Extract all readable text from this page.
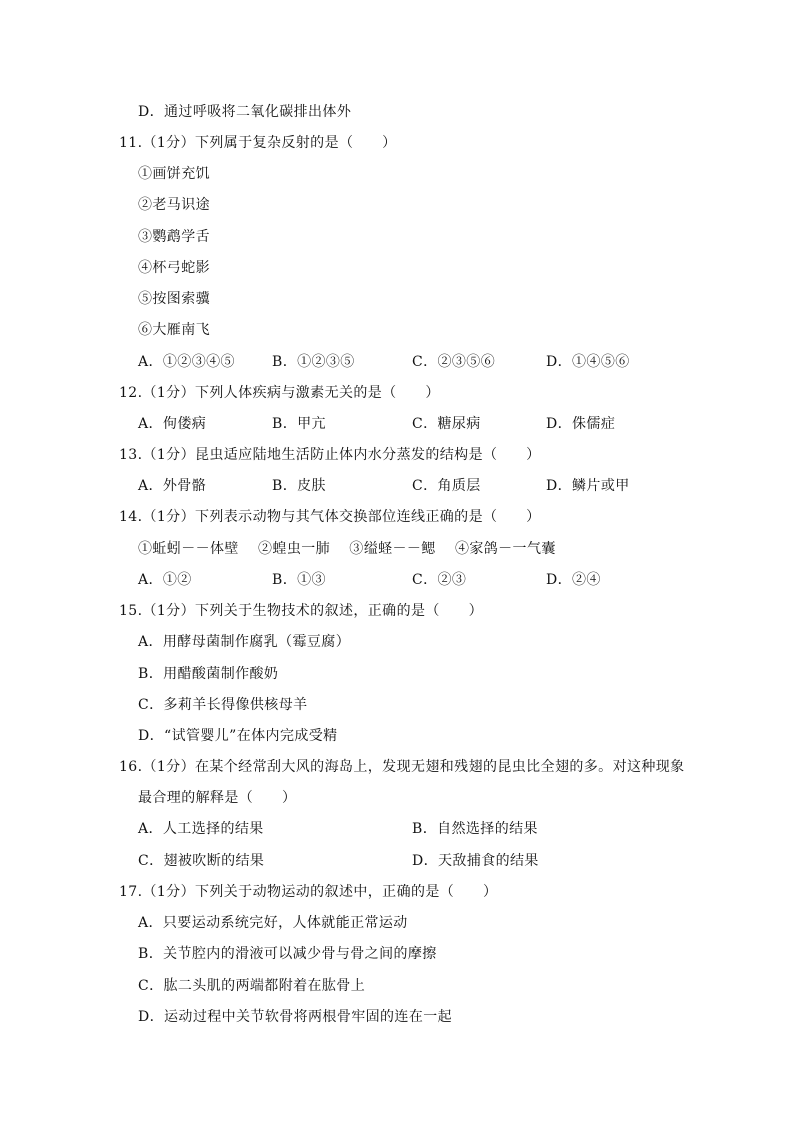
D．通过呼吸将二氧化碳排出体外
11.（1分）下列属于复杂反射的是（　　）
①画饼充饥
②老马识途
③鹦鹉学舌
④杯弓蛇影
⑤按图索骥
⑥大雁南飞
A．①②③④⑤	B．①②③⑤	C．②③⑤⑥	D．①④⑤⑥
12.（1分）下列人体疾病与激素无关的是（　　）
A．佝偻病	B．甲亢	C．糖尿病	D．侏儒症
13.（1分）昆虫适应陆地生活防止体内水分蒸发的结构是（　　）
A．外骨骼	B．皮肤	C．角质层	D．鳞片或甲
14.（1分）下列表示动物与其气体交换部位连线正确的是（　　）
①蚯蚓－－体壁　 ②蝗虫一肺　 ③缢蛏－－鳃　 ④家鸽－一气囊
A．①②	B．①③	C．②③	D．②④
15.（1分）下列关于生物技术的叙述，正确的是（　　）
A．用酵母菌制作腐乳（霉豆腐）
B．用醋酸菌制作酸奶
C．多莉羊长得像供核母羊
D．“试管婴儿”在体内完成受精
16.（1分）在某个经常刮大风的海岛上，发现无翅和残翅的昆虫比全翅的多。对这种现象
最合理的解释是（　　）
A．人工选择的结果	B．自然选择的结果
C．翅被吹断的结果	D．天敌捕食的结果
17.（1分）下列关于动物运动的叙述中，正确的是（　　）
A．只要运动系统完好，人体就能正常运动
B．关节腔内的滑液可以减少骨与骨之间的摩擦
C．肱二头肌的两端都附着在肱骨上
D．运动过程中关节软骨将两根骨牢固的连在一起
